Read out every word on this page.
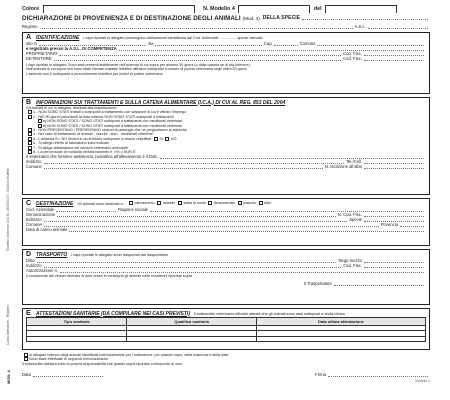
Modello conforme al D.M. 16/05/2007 - Edizioni Buffetti
Copia Allevatore - Registro
MOD. 4
Colore	N. Modello 4	del
DICHIARAZIONE DI PROVENIENZA E DI DESTINAZIONE DEGLI ANIMALI (Mod. 4) DELLA SPECIE
Regione	A.S.L.
A IDENTIFICAZIONE I capi riportati in allegato provengono dall'azienda identificata dal Cod. Aziendale ................ specie allevata
sito in	Via	Cap	Comune
e registrata presso la A.S.L. DI COMPETENZA
PROPRIETARIO	Cod. Fisc.
DETENTORE	Cod. Fisc.
I capi riportati in allegato: Sono stati presenti stabilmente nell'azienda di cui sopra per almeno 30 giorni (o dalla nascita se di età inferiore).
Nell'azienda di cui sopra non sono state rilevate malattie infettive diffusive sottoposte a misure di polizia veterinaria negli ultimi 30 giorni.
L'azienda non è sottoposta a provvedimenti restrittivi per motivi di polizia veterinaria.
B INFORMAZIONI SUI TRATTAMENTI E SULLA CATENA ALIMENTARE (I.C.A.) DI CUI AL REG. 853 DEL 2004
Gli animali di cui in allegato, destinati alla macellazione:
1 - NON SONO STATI trattati o sottoposti a trattamento con sostanze di cui è vietato l'impiego
2 - NEI 90 giorni precedenti la data odierna NON SONO STATI sottoposti a trattamenti
a) NON SONO STATI / SONO STATI sottoposti a trattamenti con medicinali veterinari
b) NON SONO STATI / SONO STATI sottoposti a trattamenti con medicinali veterinari
3 - NON PRESENTANO / PRESENTANO sintomi di patologie che ne pregiudicano la salubrità
4 - Nel caso di trattamento di animali - vaccini - sieri - medicinali veterinari
5 - L'azienda SI / NO rientra in un territorio sottoposto a misure restrittive SI NO
6 - Si allega referto di laboratorio sotto indicato
7 - Si allega attestazione del servizio veterinario aziendale
8 - La percentuale di mortalità nell'allevamento è: 0% o NON E'
Il veterinario che fornisce assistenza zooiatrica all'allevamento è il Dott.
Indirizzo	Tel./Cell.
Comune	N. Iscrizione all'albo
C DESTINAZIONE Gli animali sono destinati a:	allevamento macello stalla di sosta fiera/mercato pascolo altro
Cod. Aziendale	Ragione sociale
Denominazione	N. Cod. Fisc.
Indirizzo	Specie
Comune	Provincia
Data di carico animale
D TRASPORTO I capi riportati in allegato sono trasportati dal trasportatore
Ditta	Targa mezzo
Indirizzo	Cod. Fisc.
Autorizzazione n.
Il conducente del veicolo dichiara di aver preso in consegna gli animali nelle condizioni riportate sopra
Il Trasportatore
E	ATTESTAZIONI SANITARIE (DA COMPILARE NEI CASI PREVISTI) Il sottoscritto veterinario ufficiale attesta che gli animali sono stati sottoposti a visita clinica
Tipo sanitaria	Qualifica sanitaria	Data ultima attestazione

In allegato l'elenco degli animali identificati individualmente per l'indicazione, per ciascun capo, della matricola e della data
Sono state effettuate le seguenti immunizzazioni
Il sottoscritto dichiara sotto la propria responsabilità che quanto sopra riportato corrisponde al vero
Data	Firma
Modello 4
